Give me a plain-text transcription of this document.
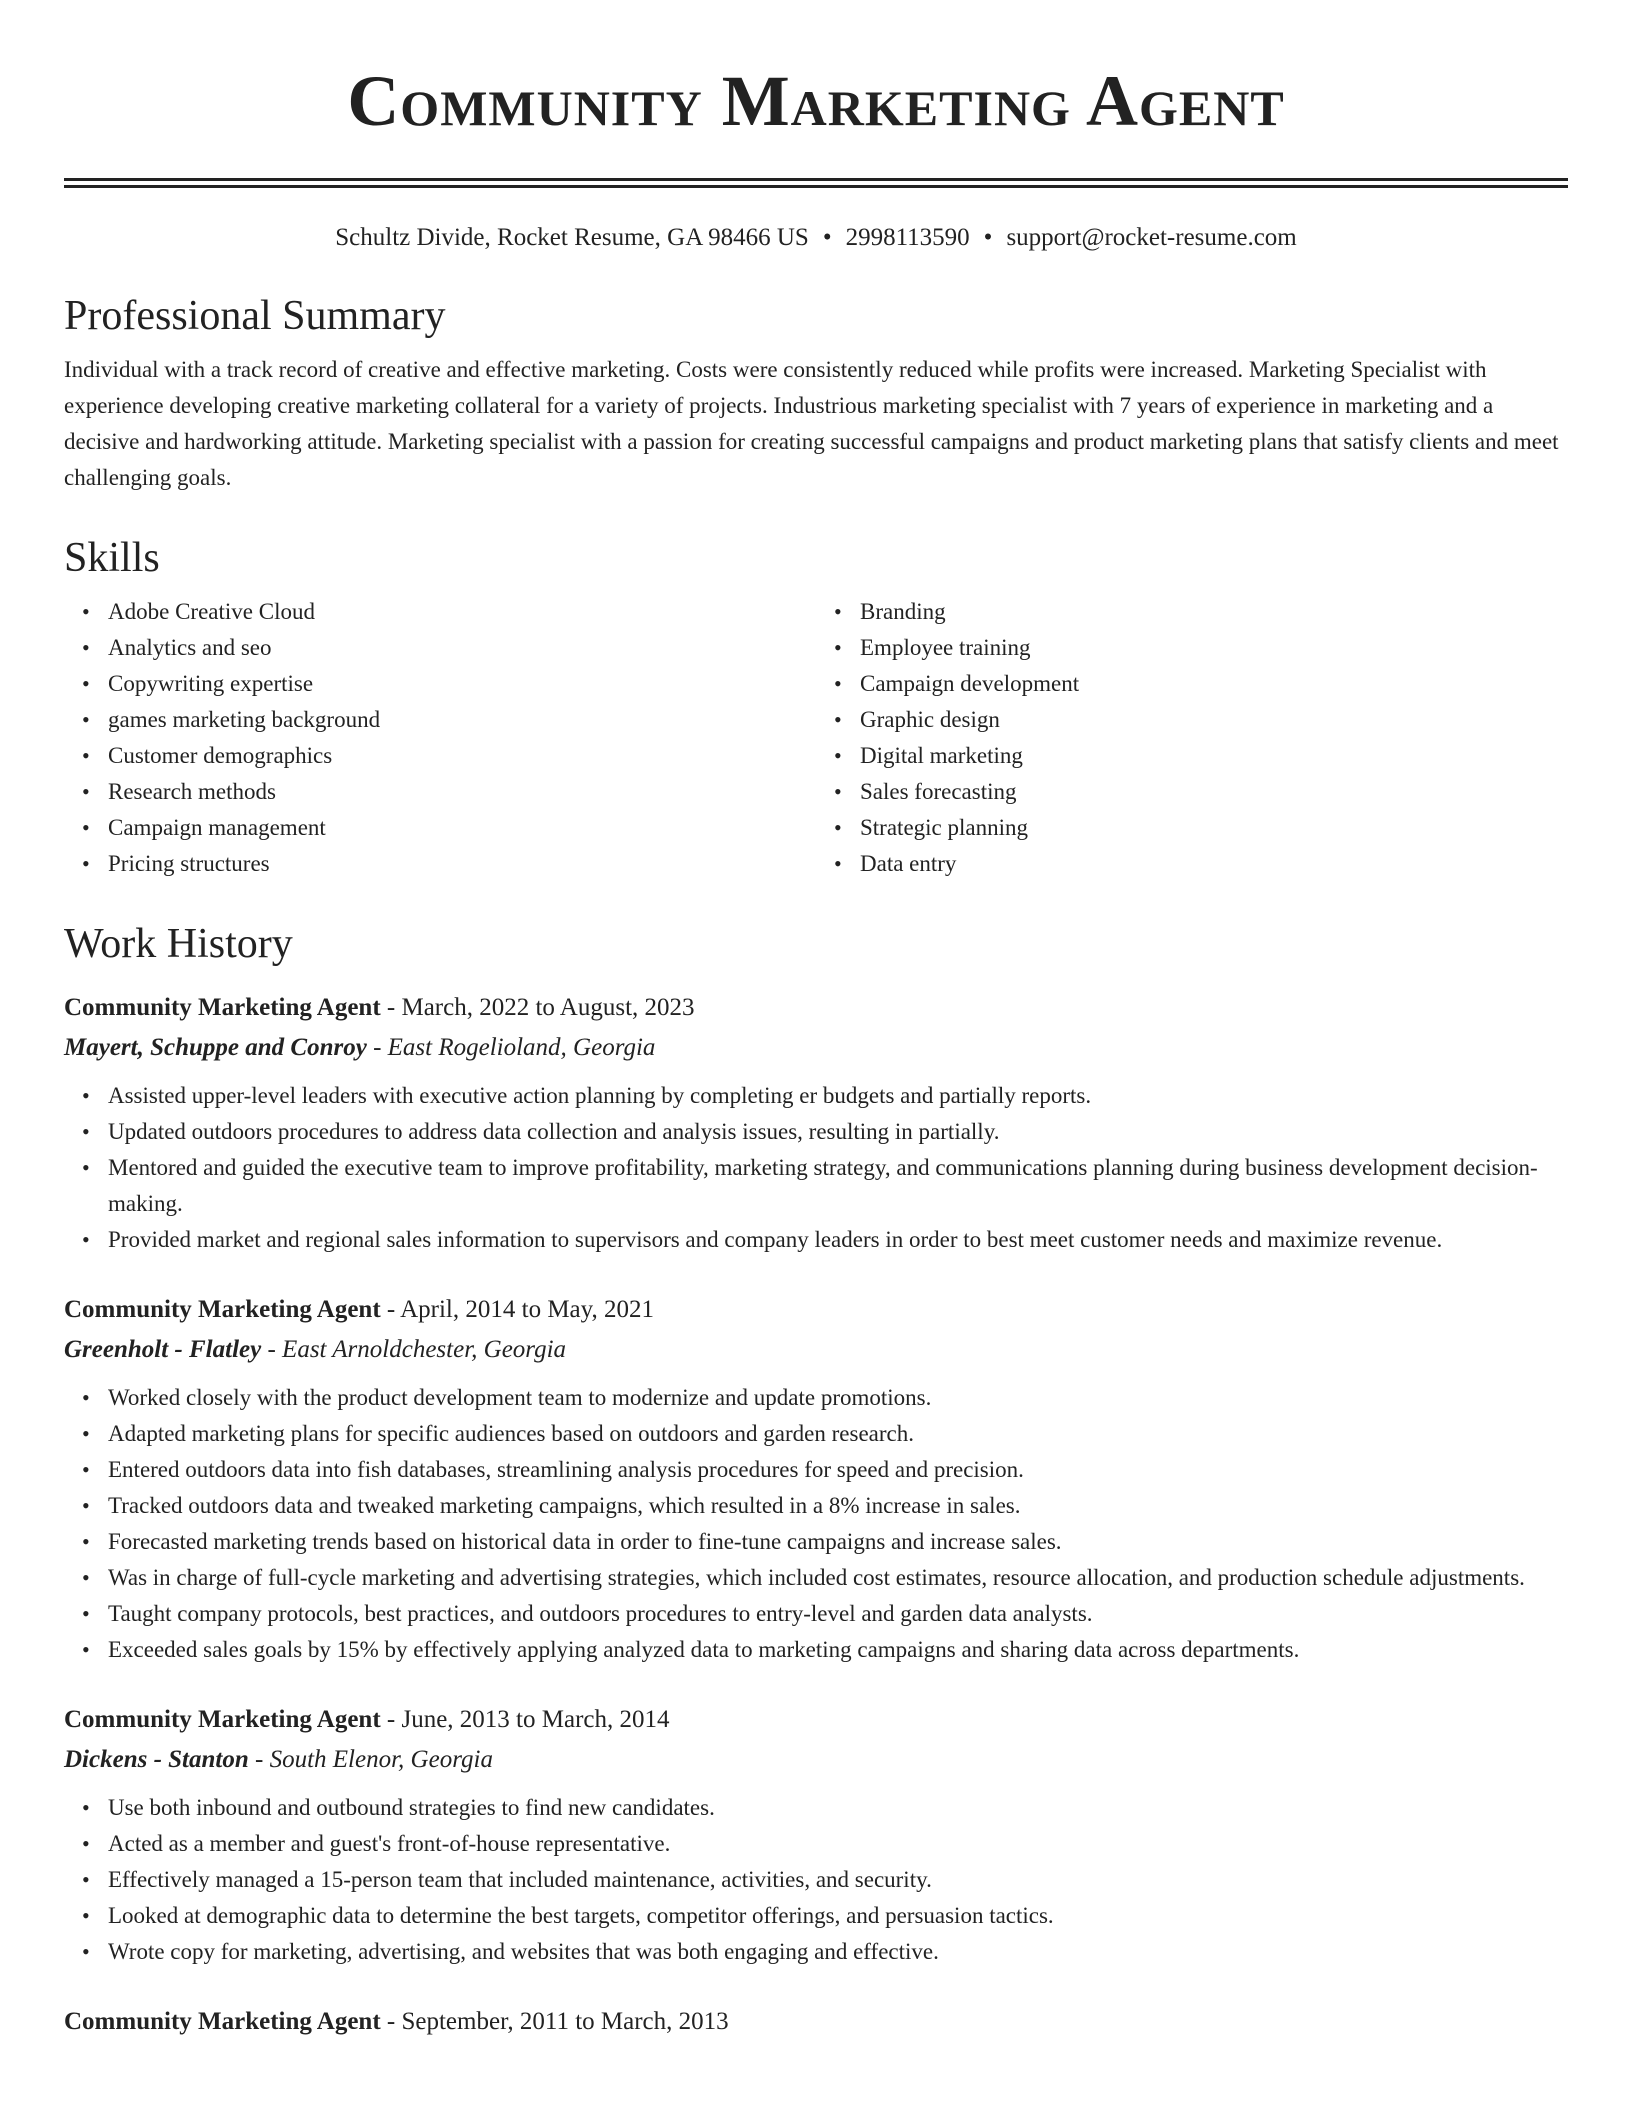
Community Marketing Agent
Schultz Divide, Rocket Resume, GA 98466 US • 2998113590 • support@rocket-resume.com
Professional Summary

Individual with a track record of creative and effective marketing. Costs were consistently reduced while profits were increased. Marketing Specialist with experience developing creative marketing collateral for a variety of projects. Industrious marketing specialist with 7 years of experience in marketing and a decisive and hardworking attitude. Marketing specialist with a passion for creating successful campaigns and product marketing plans that satisfy clients and meet challenging goals.

Skills
• Adobe Creative Cloud
• Analytics and seo
• Copywriting expertise
• games marketing background
• Customer demographics
• Research methods
• Campaign management
• Pricing structures
• Branding
• Employee training
• Campaign development
• Graphic design
• Digital marketing
• Sales forecasting
• Strategic planning
• Data entry
Work History
Community Marketing Agent - March, 2022 to August, 2023
Mayert, Schuppe and Conroy - East Rogelioland, Georgia
• Assisted upper-level leaders with executive action planning by completing er budgets and partially reports.
• Updated outdoors procedures to address data collection and analysis issues, resulting in partially.
• Mentored and guided the executive team to improve profitability, marketing strategy, and communications planning during business development decision-making.
• Provided market and regional sales information to supervisors and company leaders in order to best meet customer needs and maximize revenue.
Community Marketing Agent - April, 2014 to May, 2021
Greenholt - Flatley - East Arnoldchester, Georgia
• Worked closely with the product development team to modernize and update promotions.
• Adapted marketing plans for specific audiences based on outdoors and garden research.
• Entered outdoors data into fish databases, streamlining analysis procedures for speed and precision.
• Tracked outdoors data and tweaked marketing campaigns, which resulted in a 8% increase in sales.
• Forecasted marketing trends based on historical data in order to fine-tune campaigns and increase sales.
• Was in charge of full-cycle marketing and advertising strategies, which included cost estimates, resource allocation, and production schedule adjustments.
• Taught company protocols, best practices, and outdoors procedures to entry-level and garden data analysts.
• Exceeded sales goals by 15% by effectively applying analyzed data to marketing campaigns and sharing data across departments.
Community Marketing Agent - June, 2013 to March, 2014
Dickens - Stanton - South Elenor, Georgia
• Use both inbound and outbound strategies to find new candidates.
• Acted as a member and guest's front-of-house representative.
• Effectively managed a 15-person team that included maintenance, activities, and security.
• Looked at demographic data to determine the best targets, competitor offerings, and persuasion tactics.
• Wrote copy for marketing, advertising, and websites that was both engaging and effective.
Community Marketing Agent - September, 2011 to March, 2013
